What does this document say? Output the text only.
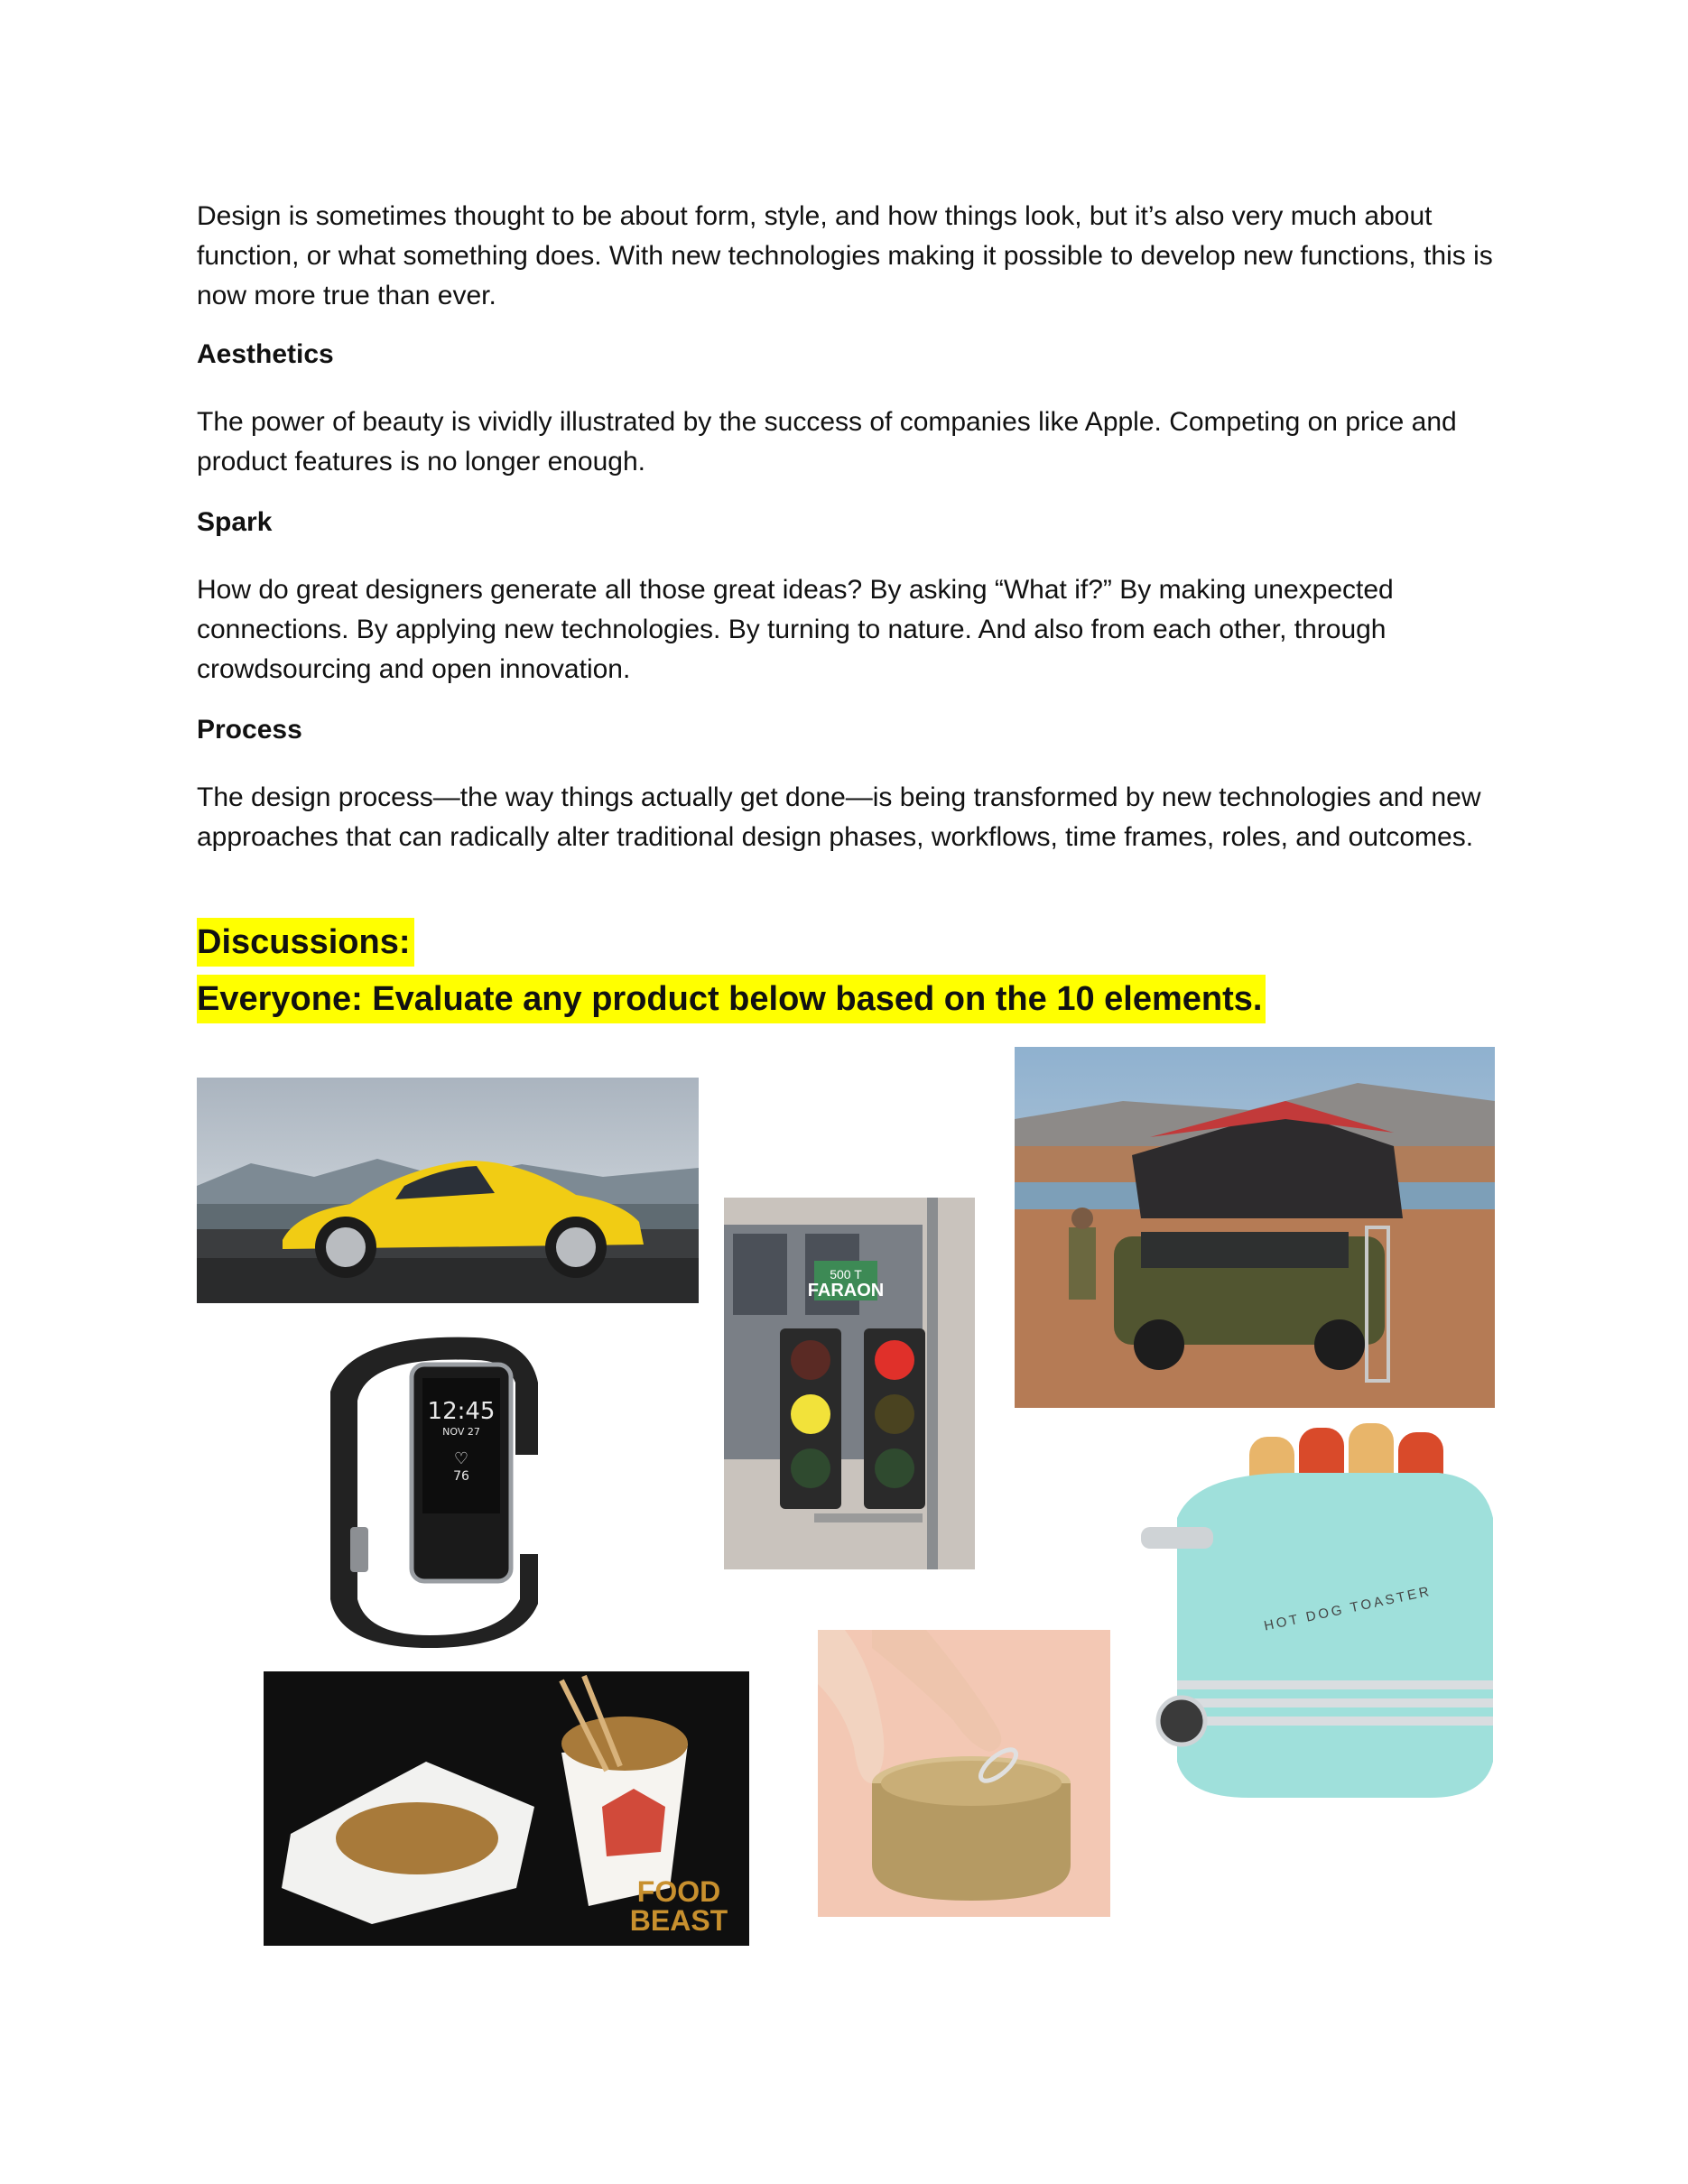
Design is sometimes thought to be about form, style, and how things look, but it’s also very much about function, or what something does. With new technologies making it possible to develop new functions, this is now more true than ever.

Aesthetics

The power of beauty is vividly illustrated by the success of companies like Apple. Competing on price and product features is no longer enough.

Spark

How do great designers generate all those great ideas? By asking “What if?” By making unexpected connections. By applying new technologies. By turning to nature. And also from each other, through crowdsourcing and open innovation.

Process

The design process—the way things actually get done—is being transformed by new technologies and new approaches that can radically alter traditional design phases, workflows, time frames, roles, and outcomes.

Discussions:

Everyone: Evaluate any product below based on the 10 elements.

500 T
FARAON
12:45
NOV 27
♡
76
HOT DOG TOASTER
FOOD
BEAST
